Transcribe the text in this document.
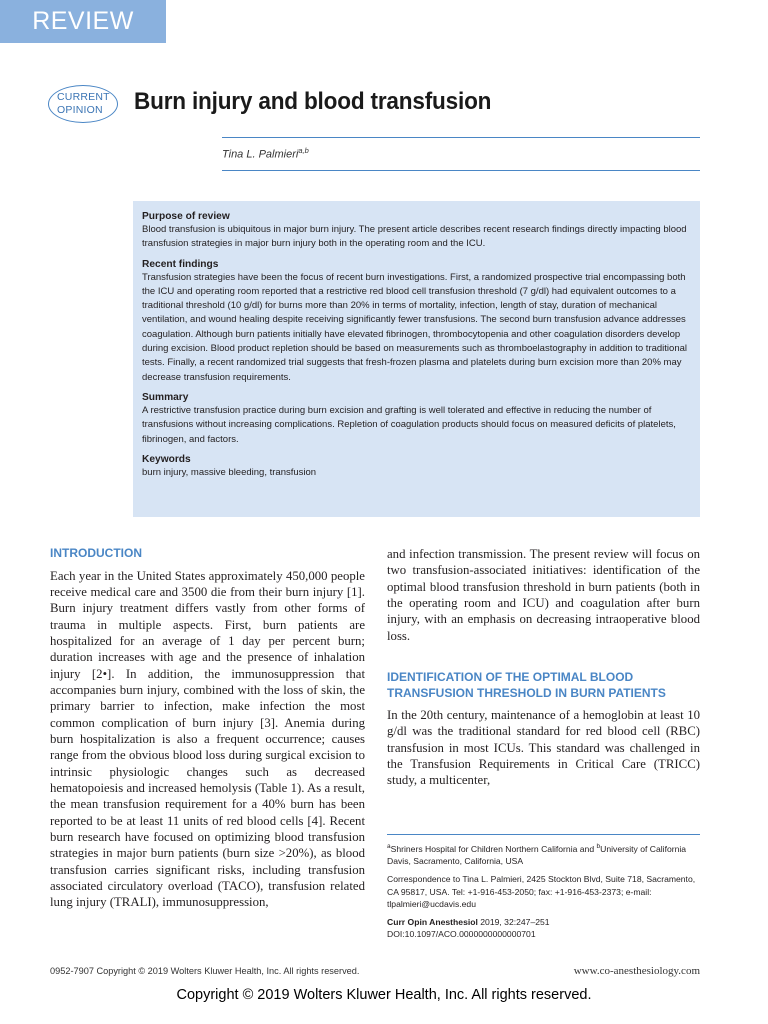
REVIEW
CURRENT
OPINION Burn injury and blood transfusion
Tina L. Palmieri$^{a,b}$
Purpose of review

Blood transfusion is ubiquitous in major burn injury. The present article describes recent research findings directly impacting blood transfusion strategies in major burn injury both in the operating room and the ICU.

Recent findings

Transfusion strategies have been the focus of recent burn investigations. First, a randomized prospective trial encompassing both the ICU and operating room reported that a restrictive red blood cell transfusion threshold (7 g/dl) had equivalent outcomes to a traditional threshold (10 g/dl) for burns more than 20% in terms of mortality, infection, length of stay, duration of mechanical ventilation, and wound healing despite receiving significantly fewer transfusions. The second burn transfusion advance addresses coagulation. Although burn patients initially have elevated fibrinogen, thrombocytopenia and other coagulation disorders develop during excision. Blood product repletion should be based on measurements such as thromboelastography in addition to traditional tests. Finally, a recent randomized trial suggests that fresh-frozen plasma and platelets during burn excision more than 20% may decrease transfusion requirements.

Summary

A restrictive transfusion practice during burn excision and grafting is well tolerated and effective in reducing the number of transfusions without increasing complications. Repletion of coagulation products should focus on measured deficits of platelets, fibrinogen, and factors.

Keywords

burn injury, massive bleeding, transfusion

INTRODUCTION

Each year in the United States approximately 450,000 people receive medical care and 3500 die from their burn injury [1]. Burn injury treatment differs vastly from other forms of trauma in multiple aspects. First, burn patients are hospitalized for an average of 1 day per percent burn; duration increases with age and the presence of inhalation injury [2•]. In addition, the immunosuppression that accompanies burn injury, combined with the loss of skin, the primary barrier to infection, make infection the most common complication of burn injury [3]. Anemia during burn hospitalization is also a frequent occurrence; causes range from the obvious blood loss during surgical excision to intrinsic physiologic changes such as decreased hematopoiesis and increased hemolysis (Table 1). As a result, the mean transfusion requirement for a 40% burn has been reported to be at least 11 units of red blood cells [4]. Recent burn research have focused on optimizing blood transfusion strategies in major burn patients (burn size >20%), as blood transfusion carries significant risks, including transfusion associated circulatory overload (TACO), transfusion related lung injury (TRALI), immunosuppression,

and infection transmission. The present review will focus on two transfusion-associated initiatives: identification of the optimal blood transfusion threshold in burn patients (both in the operating room and ICU) and coagulation after burn injury, with an emphasis on decreasing intraoperative blood loss.

IDENTIFICATION OF THE OPTIMAL BLOOD TRANSFUSION THRESHOLD IN BURN PATIENTS

In the 20th century, maintenance of a hemoglobin at least 10 g/dl was the traditional standard for red blood cell (RBC) transfusion in most ICUs. This standard was challenged in the Transfusion Requirements in Critical Care (TRICC) study, a multicenter,

$^a$Shriners Hospital for Children Northern California and $^b$University of California Davis, Sacramento, California, USA

Correspondence to Tina L. Palmieri, 2425 Stockton Blvd, Suite 718, Sacramento, CA 95817, USA. Tel: +1-916-453-2050; fax: +1-916-453-2373; e-mail: tlpalmieri@ucdavis.edu

Curr Opin Anesthesiol 2019, 32:247–251

DOI:10.1097/ACO.0000000000000701

0952-7907 Copyright © 2019 Wolters Kluwer Health, Inc. All rights reserved.	www.co-anesthesiology.com
Copyright © 2019 Wolters Kluwer Health, Inc. All rights reserved.
